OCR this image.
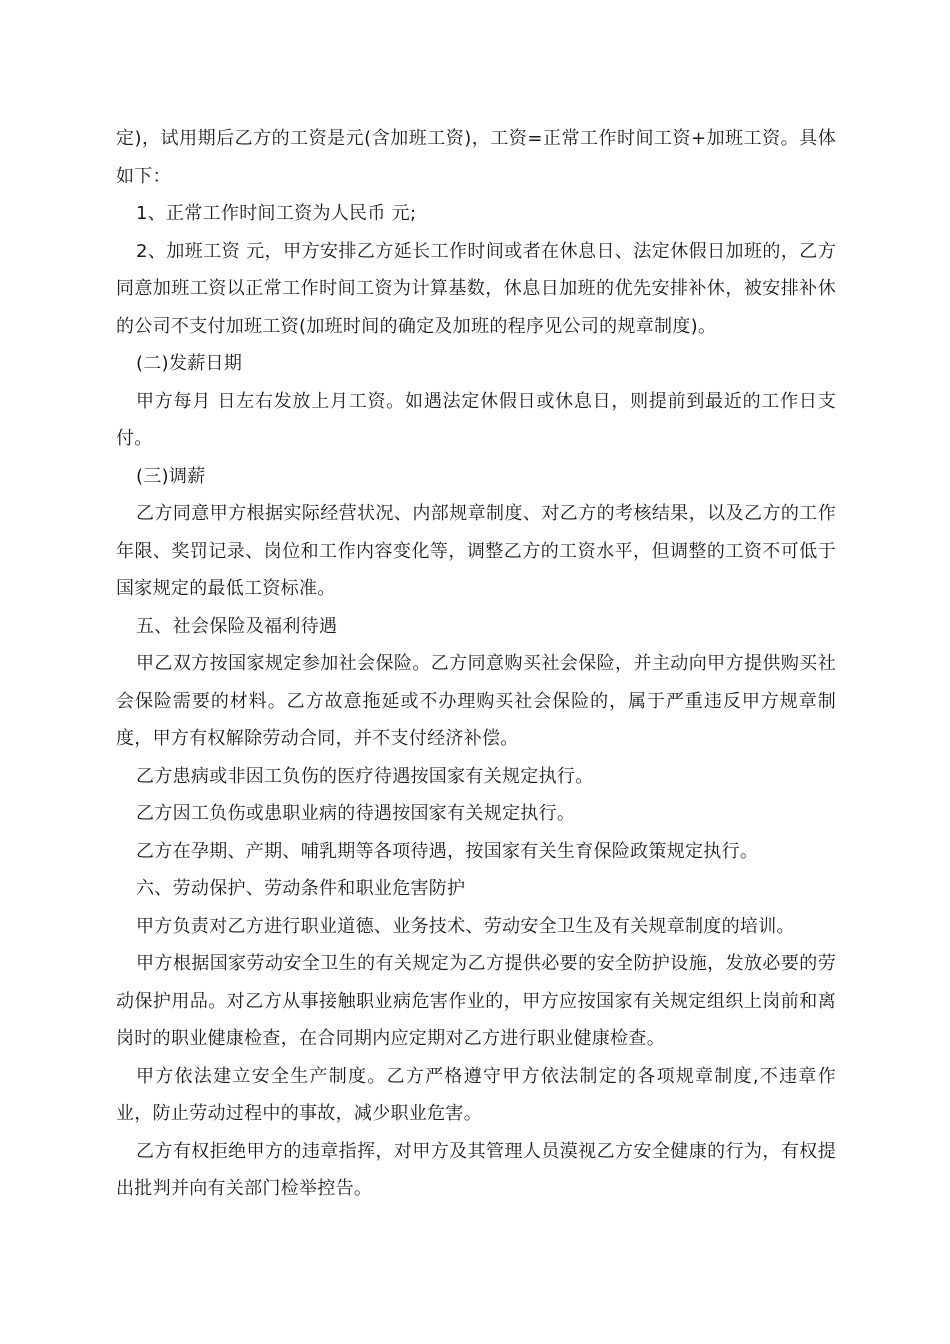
定)，试用期后乙方的工资是元(含加班工资)，工资=正常工作时间工资+加班工资。具体如下：

1、正常工作时间工资为人民币 元;

2、加班工资 元，甲方安排乙方延长工作时间或者在休息日、法定休假日加班的，乙方同意加班工资以正常工作时间工资为计算基数，休息日加班的优先安排补休，被安排补休的公司不支付加班工资(加班时间的确定及加班的程序见公司的规章制度)。

(二)发薪日期

甲方每月 日左右发放上月工资。如遇法定休假日或休息日，则提前到最近的工作日支付。

(三)调薪

乙方同意甲方根据实际经营状况、内部规章制度、对乙方的考核结果，以及乙方的工作年限、奖罚记录、岗位和工作内容变化等，调整乙方的工资水平，但调整的工资不可低于国家规定的最低工资标准。

五、社会保险及福利待遇

甲乙双方按国家规定参加社会保险。乙方同意购买社会保险，并主动向甲方提供购买社会保险需要的材料。乙方故意拖延或不办理购买社会保险的，属于严重违反甲方规章制度，甲方有权解除劳动合同，并不支付经济补偿。

乙方患病或非因工负伤的医疗待遇按国家有关规定执行。

乙方因工负伤或患职业病的待遇按国家有关规定执行。

乙方在孕期、产期、哺乳期等各项待遇，按国家有关生育保险政策规定执行。

六、劳动保护、劳动条件和职业危害防护

甲方负责对乙方进行职业道德、业务技术、劳动安全卫生及有关规章制度的培训。

甲方根据国家劳动安全卫生的有关规定为乙方提供必要的安全防护设施，发放必要的劳动保护用品。对乙方从事接触职业病危害作业的，甲方应按国家有关规定组织上岗前和离岗时的职业健康检查，在合同期内应定期对乙方进行职业健康检查。

甲方依法建立安全生产制度。乙方严格遵守甲方依法制定的各项规章制度,不违章作业，防止劳动过程中的事故，减少职业危害。

乙方有权拒绝甲方的违章指挥，对甲方及其管理人员漠视乙方安全健康的行为，有权提出批判并向有关部门检举控告。
